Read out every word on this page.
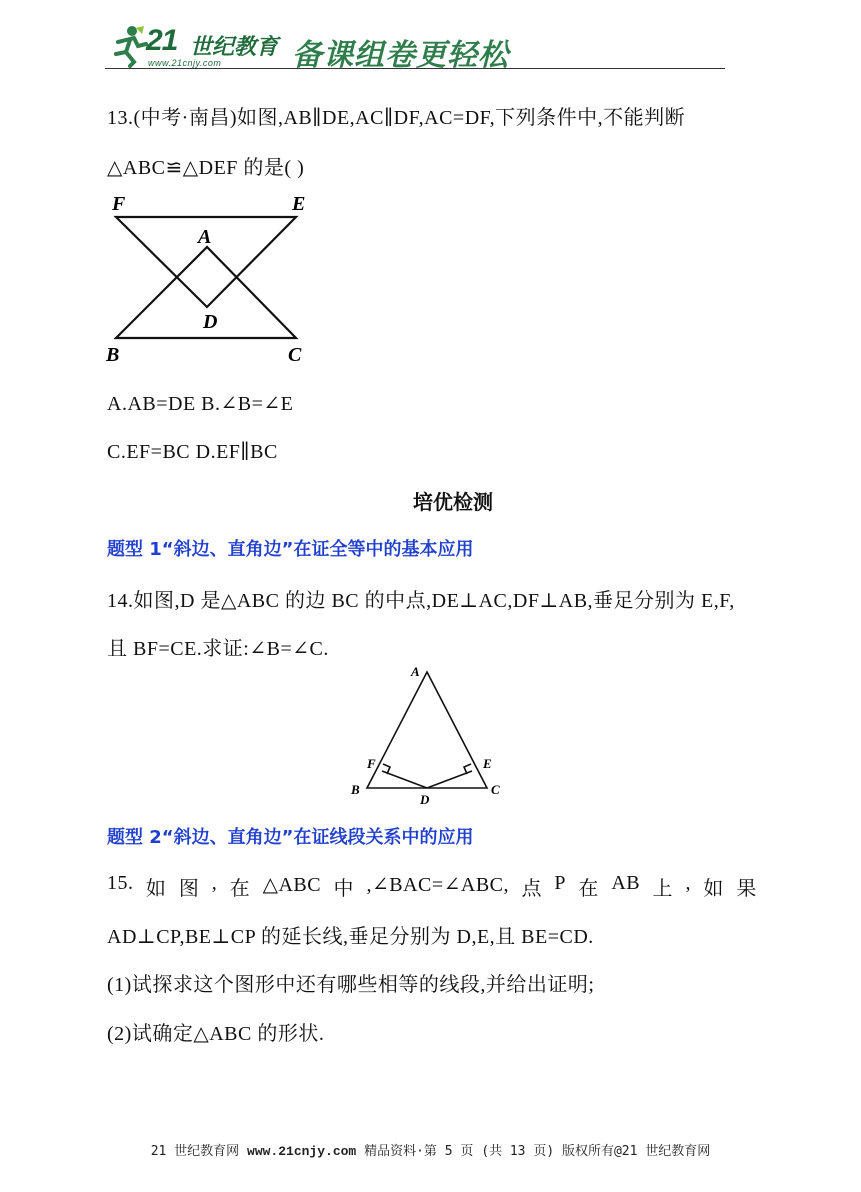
21 世纪教育
www.21cnjy.com 备课组卷更轻松
13.(中考·南昌)如图,AB∥DE,AC∥DF,AC=DF,下列条件中,不能判断
△ABC≌△DEF 的是( )
F	E
A
D
B	C
A.AB=DE B.∠B=∠E
C.EF=BC D.EF∥BC
培优检测
题型 1“斜边、直角边”在证全等中的基本应用
14.如图,D 是△ABC 的边 BC 的中点,DE⊥AC,DF⊥AB,垂足分别为 E,F,
且 BF=CE.求证:∠B=∠C.
A
F	E
B
D
C
题型 2“斜边、直角边”在证线段关系中的应用
15. 如 图 , 在 △ABC 中 ,∠BAC=∠ABC, 点 P 在 AB 上 , 如 果
AD⊥CP,BE⊥CP 的延长线,垂足分别为 D,E,且 BE=CD.
(1)试探求这个图形中还有哪些相等的线段,并给出证明;
(2)试确定△ABC 的形状.
21 世纪教育网 www.21cnjy.com 精品资料·第 5 页 (共 13 页) 版权所有@21 世纪教育网
